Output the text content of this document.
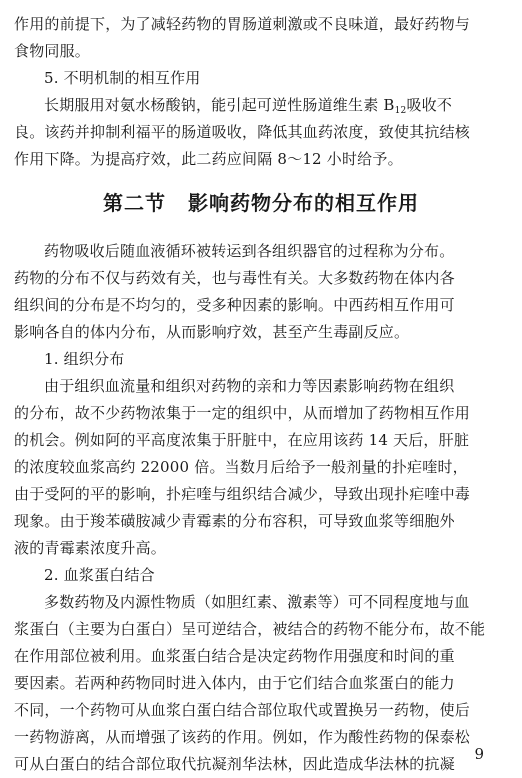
作用的前提下，为了减轻药物的胃肠道刺激或不良味道，最好药物与
食物同服。
5. 不明机制的相互作用
长期服用对氨水杨酸钠，能引起可逆性肠道维生素 $B_{12}$吸收不
良。该药并抑制利福平的肠道吸收，降低其血药浓度，致使其抗结核
作用下降。为提高疗效，此二药应间隔 8～12 小时给予。
第二节 影响药物分布的相互作用
药物吸收后随血液循环被转运到各组织器官的过程称为分布。
药物的分布不仅与药效有关，也与毒性有关。大多数药物在体内各
组织间的分布是不均匀的，受多种因素的影响。中西药相互作用可
影响各自的体内分布，从而影响疗效，甚至产生毒副反应。
1. 组织分布
由于组织血流量和组织对药物的亲和力等因素影响药物在组织
的分布，故不少药物浓集于一定的组织中，从而增加了药物相互作用
的机会。例如阿的平高度浓集于肝脏中，在应用该药 14 天后，肝脏
的浓度较血浆高约 22000 倍。当数月后给予一般剂量的扑疟喹时，
由于受阿的平的影响，扑疟喹与组织结合减少，导致出现扑疟喹中毒
现象。由于羧苯磺胺减少青霉素的分布容积，可导致血浆等细胞外
液的青霉素浓度升高。
2. 血浆蛋白结合
多数药物及内源性物质（如胆红素、激素等）可不同程度地与血
浆蛋白（主要为白蛋白）呈可逆结合，被结合的药物不能分布，故不能
在作用部位被利用。血浆蛋白结合是决定药物作用强度和时间的重
要因素。若两种药物同时进入体内，由于它们结合血浆蛋白的能力
不同，一个药物可从血浆白蛋白结合部位取代或置换另一药物，使后
一药物游离，从而增强了该药的作用。例如，作为酸性药物的保泰松
可从白蛋白的结合部位取代抗凝剂华法林，因此造成华法林的抗凝
9
